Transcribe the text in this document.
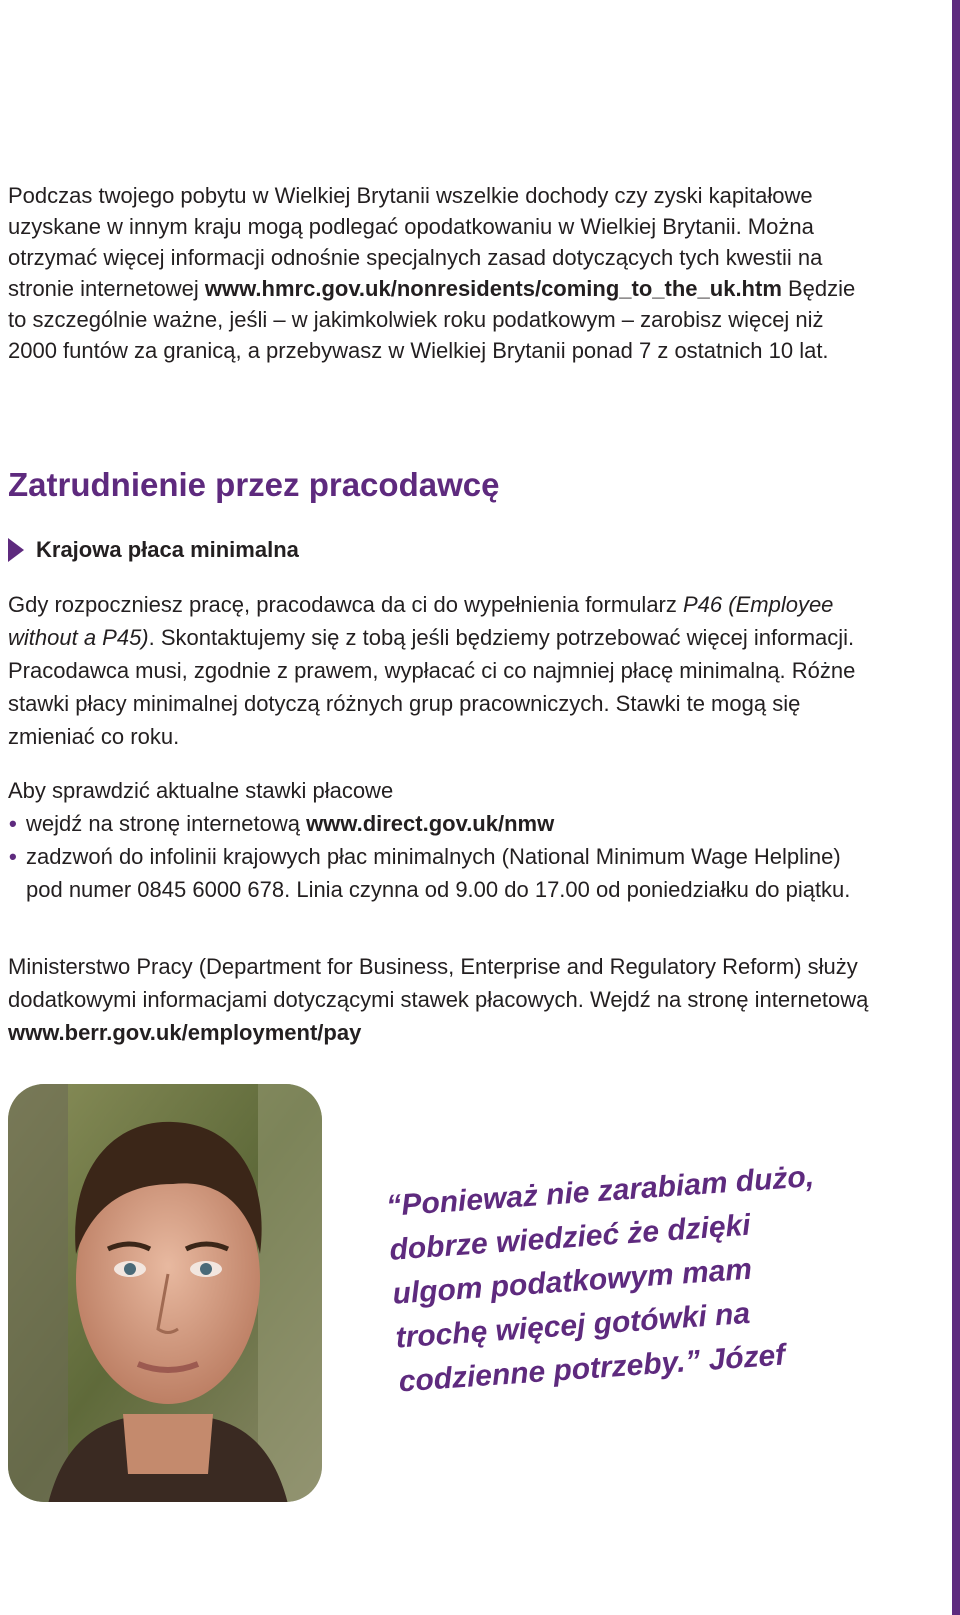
Podczas twojego pobytu w Wielkiej Brytanii wszelkie dochody czy zyski kapitałowe uzyskane w innym kraju mogą podlegać opodatkowaniu w Wielkiej Brytanii. Można otrzymać więcej informacji odnośnie specjalnych zasad dotyczących tych kwestii na stronie internetowej www.hmrc.gov.uk/nonresidents/coming_to_the_uk.htm Będzie to szczególnie ważne, jeśli – w jakimkolwiek roku podatkowym – zarobisz więcej niż 2000 funtów za granicą, a przebywasz w Wielkiej Brytanii ponad 7 z ostatnich 10 lat.

Zatrudnienie przez pracodawcę
Krajowa płaca minimalna

Gdy rozpoczniesz pracę, pracodawca da ci do wypełnienia formularz P46 (Employee without a P45). Skontaktujemy się z tobą jeśli będziemy potrzebować więcej informacji. Pracodawca musi, zgodnie z prawem, wypłacać ci co najmniej płacę minimalną. Różne stawki płacy minimalnej dotyczą różnych grup pracowniczych. Stawki te mogą się zmieniać co roku.

Aby sprawdzić aktualne stawki płacowe

• wejdź na stronę internetową www.direct.gov.uk/nmw
• zadzwoń do infolinii krajowych płac minimalnych (National Minimum Wage Helpline) pod numer 0845 6000 678. Linia czynna od 9.00 do 17.00 od poniedziałku do piątku.

Ministerstwo Pracy (Department for Business, Enterprise and Regulatory Reform) służy dodatkowymi informacjami dotyczącymi stawek płacowych. Wejdź na stronę internetową www.berr.gov.uk/employment/pay

“Ponieważ nie zarabiam dużo,
dobrze wiedzieć że dzięki
ulgom podatkowym mam
trochę więcej gotówki na
codzienne potrzeby.” Józef
